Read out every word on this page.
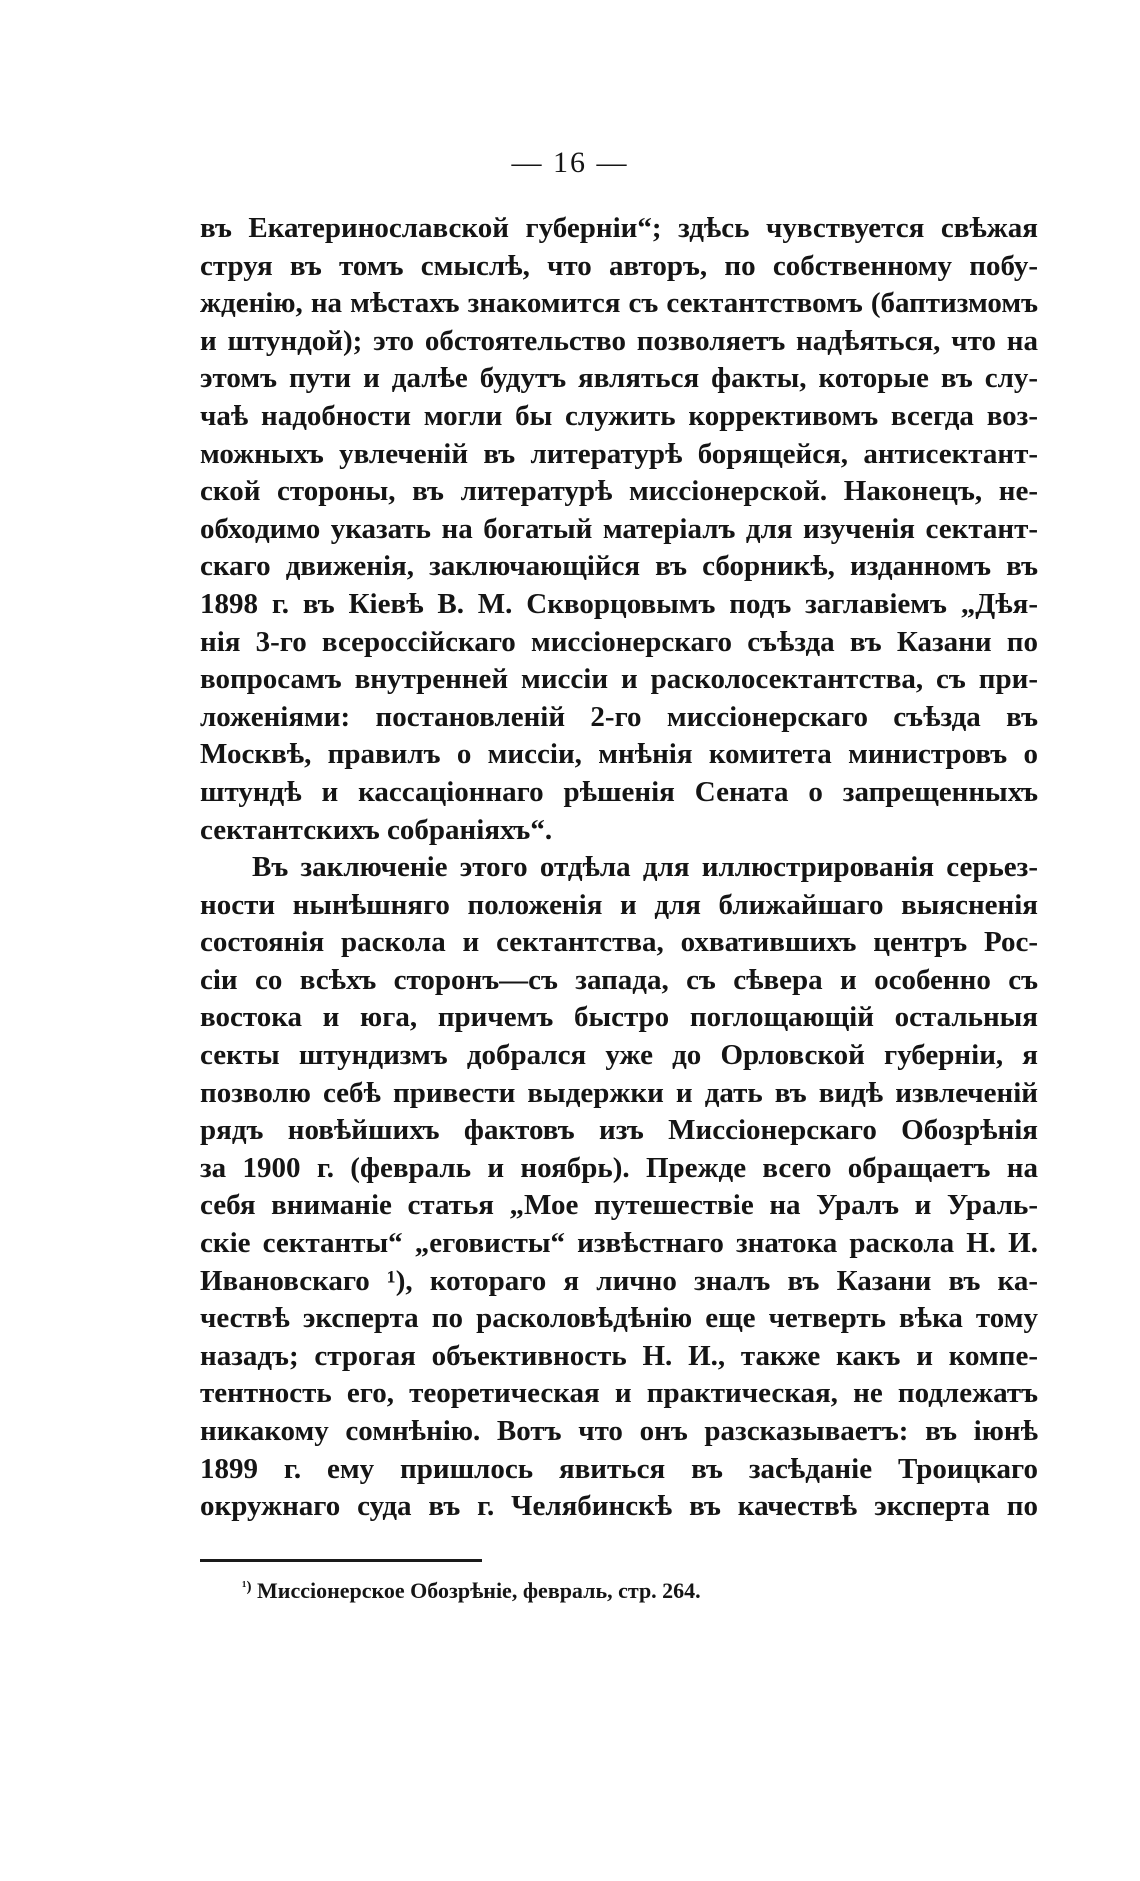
— 16 —
въ Екатеринославской губерніи“; здѣсь чувствуется свѣжая
струя въ томъ смыслѣ, что авторъ, по собственному побу-
жденію, на мѣстахъ знакомится съ сектантствомъ (баптизмомъ
и штундой); это обстоятельство позволяетъ надѣяться, что на
этомъ пути и далѣе будутъ являться факты, которые въ слу-
чаѣ надобности могли бы служить коррективомъ всегда воз-
можныхъ увлеченій въ литературѣ борящейся, антисектант-
ской стороны, въ литературѣ миссіонерской. Наконецъ, не-
обходимо указать на богатый матеріалъ для изученія сектант-
скаго движенія, заключающійся въ сборникѣ, изданномъ въ
1898 г. въ Кіевѣ В. М. Скворцовымъ подъ заглавіемъ „Дѣя-
нія 3-го всероссійскаго миссіонерскаго съѣзда въ Казани по
вопросамъ внутренней миссіи и расколосектантства, съ при-
ложеніями: постановленій 2-го миссіонерскаго съѣзда въ
Москвѣ, правилъ о миссіи, мнѣнія комитета министровъ о
штундѣ и кассаціоннаго рѣшенія Сената о запрещенныхъ
сектантскихъ собраніяхъ“.
Въ заключеніе этого отдѣла для иллюстрированія серьез-
ности нынѣшняго положенія и для ближайшаго выясненія
состоянія раскола и сектантства, охватившихъ центръ Рос-
сіи со всѣхъ сторонъ—съ запада, съ сѣвера и особенно съ
востока и юга, причемъ быстро поглощающій остальныя
секты штундизмъ добрался уже до Орловской губерніи, я
позволю себѣ привести выдержки и дать въ видѣ извлеченій
рядъ новѣйшихъ фактовъ изъ Миссіонерскаго Обозрѣнія
за 1900 г. (февраль и ноябрь). Прежде всего обращаетъ на
себя вниманіе статья „Мое путешествіе на Уралъ и Ураль-
скіе сектанты“ „еговисты“ извѣстнаго знатока раскола Н. И.
Ивановскаго ¹), котораго я лично зналъ въ Казани въ ка-
чествѣ эксперта по расколовѣдѣнію еще четверть вѣка тому
назадъ; строгая объективность Н. И., также какъ и компе-
тентность его, теоретическая и практическая, не подлежатъ
никакому сомнѣнію. Вотъ что онъ разсказываетъ: въ іюнѣ
1899 г. ему пришлось явиться въ засѣданіе Троицкаго
окружнаго суда въ г. Челябинскѣ въ качествѣ эксперта по
$^{^1)}$ Миссіонерское Обозрѣніе, февраль, стр. 264.
